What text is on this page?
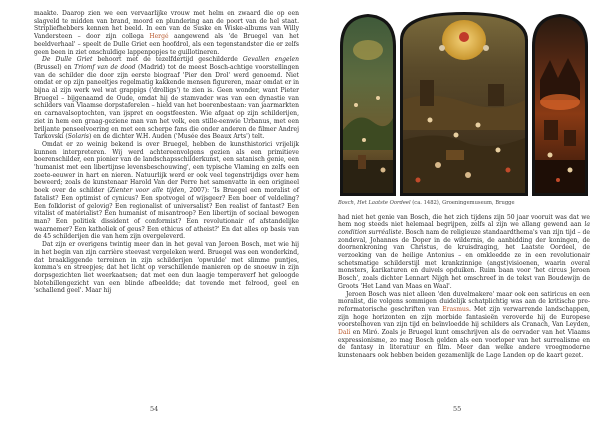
maakte. Daarop zien we een vervaarlijke vrouw met helm en zwaard die op een slagveld te midden van brand, moord en plundering aan de poort van de hel staat. Stripliefhebbers kennen het beeld. In een van de Suske en Wiske-albums van Willy Vandersteen – door zijn collega Hergé aangewend als 'de Bruegel van het beeldverhaal' – speelt de Dulle Griet een hoofdrol, als een tegenstandster die er zelfs geen been in ziet onschuldige lappenpopjes te guillotineren.

De Dulle Griet behoort met de tezelfdertijd geschilderde Gevallen engelen (Brussel) en Triomf van de dood (Madrid) tot de meest Bosch-achtige voorstellingen van de schilder die door zijn eerste biograaf 'Pier den Drol' werd genoemd. Niet omdat er op zijn paneeltjes regelmatig kakkende mensen figureren, maar omdat er in bijna al zijn werk wel wat grappigs ('drolligs') te zien is. Geen wonder, want Pieter Bruegel – bijgenaamd de Oude, omdat hij de stamvader was van een dynastie van schilders van Vlaamse dorpstaferelen – hield van het boerenbestaan: van jaarmarkten en carnavalsoptochten, van ijspret en oogstfeesten. Wie afgaat op zijn schilderijen, ziet in hem een graag-geziene man van het volk, een stille-eenwie Urbanus, met een briljante penseelvoering en met een scherpe fans die onder anderen de filmer Andrej Tarkovski (Solaris) en de dichter W.H. Auden ('Musée des Beaux Arts') telt.

Omdat er zo weinig bekend is over Bruegel, hebben de kunsthistorici vrijelijk kunnen interpreteren. Wij werd achtereenvolgens gezien als een primitieve boerenschilder, een pionier van de landschapsschilderkunst, een satanisch genie, een 'humanist met een libertijnse levensbeschouwing', een typische Vlaming en zelfs een zoete-eeuwer in hart en nieren. Natuurlijk werd er ook veel tegenstrijdigs over hem beweerd; zoals de kunstenaar Harold Van der Perre het samenvatte in een origineel boek over de schilder (Zienter voor alle tijden, 2007): 'Is Bruegel een moralist of fatalist? Een optimist of cynicus? Een spotvogel of wijsgeer? Een boer of veldeling? Een folklorist of gelovig? Een regionalist of universalist? Een realist of fantast? Een vitalist of matérialist? Een humanist of misantroop? Een libertijn of sociaal bewogen man? Een politiek dissident of conformist? Een revolutionair of afstandelijke waarnemer? Een katholiek of geus? Een ethicus of atheist?' En dat alles op basis van de 45 schilderijen die van hem zijn overgeleverd.

Dat zijn er overigens twintig meer dan in het geval van Jeroen Bosch, met wie hij in het begin van zijn carrière steevast vergeleken werd. Bruegel was een wonderkind, dat braakliggende terreinen in zijn schilderijen 'opwulde' met slimme puntjes, komma's en streepjes; dat het licht op verschillende manieren op de snoeuw in zijn dorpsgezichten liet weerkaatsen; dat met een dun laagje temperaverf het geloogde blotebillengezicht van een blinde afbeeldde; dat tovende met felrood, geel en 'schallend geel'. Maar hij

54
Bosch, Het Laatste Oordeel (ca. 1482), Groeningemuseum, Brugge

had niet het genie van Bosch, die het zich tijdens zijn 50 jaar vooruit was dat we hem nog steeds niet helemaal begrijpen, zelfs al zijn we allang gewend aan la condition surréaliste. Bosch nam de religieuze standaardthema's van zijn tijd – de zondeval, Johannes de Doper in de wildernis, de aanbidding der koningen, de doornenkroning van Christus, de kruisdraging, het Laatste Oordeel, de verzoeking van de heilige Antonius – en omkleedde ze in een revolutionair schetsmatige schilderstijl met krankzinnige (angst)visioenen, waarin overal monsters, karikaturen en duivels opduiken. Ruim baan voor 'het circus Jeroen Bosch', zoals dichter Lennart Nijgh het omschreef in de tekst van Boudewijn de Groots 'Het Land van Maas en Waal'.

Jeroen Bosch was niet alleen 'den duvelmakere' maar ook een satiricus en een moralist, die volgens sommigen duidelijk schatplichtig was aan de kritische pre-reformatorische geschriften van Erasmus. Met zijn verwarrende landschappen, zijn hoge horizonten en zijn morbide fantasieën veroverde hij de Europese voorstelhoven van zijn tijd en beïnvloedde hij schilders als Cranach, Van Leyden, Dalí en Miró. Zoals je Bruegel kunt omschrijven als de oervader van het Vlaams expressionisme, zo mag Bosch gelden als een voorloper van het surrealisme en de fantasy in literatuur en film. Meer dan welke andere vroegmoderne kunstenaars ook hebben beiden gezamenlijk de Lage Landen op de kaart gezet.

55
